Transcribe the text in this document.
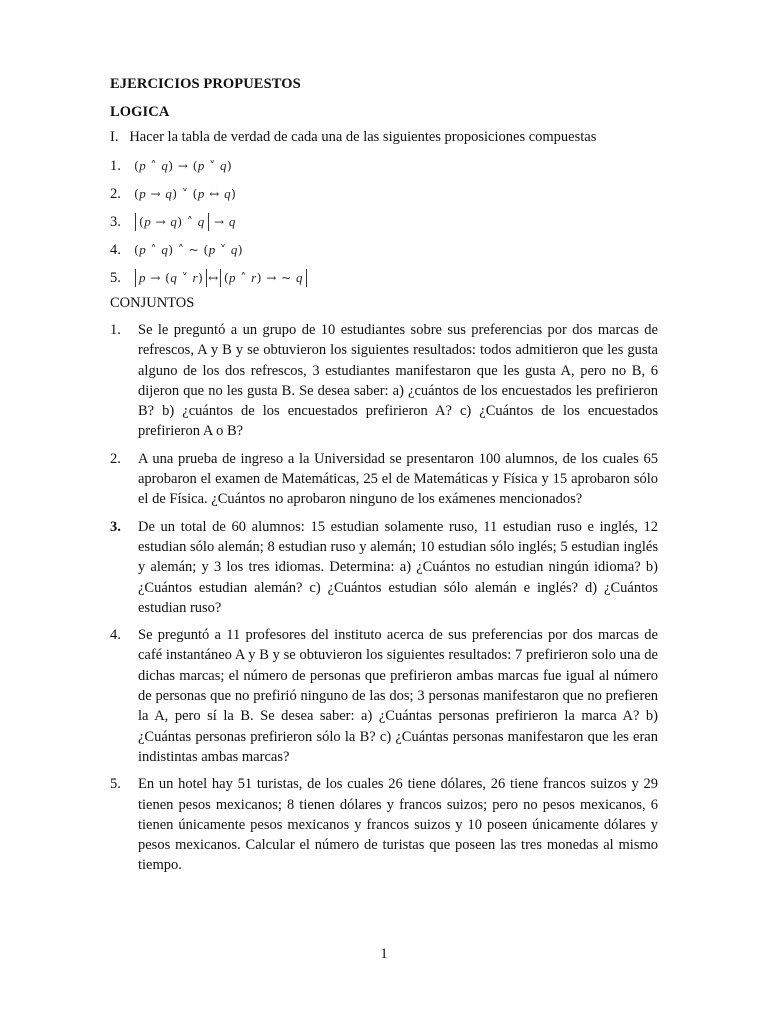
EJERCICIOS PROPUESTOS
LOGICA
I.   Hacer la tabla de verdad de cada una de las siguientes proposiciones compuestas
1.	(p ˄ q) → (p ˅ q)
2.	(p → q) ˅ (p ↔ q)
3.	(p → q) ˄ q → q
4.	(p ˄ q) ˄ ~ (p ˅ q)
5.	p → (q ˅ r) ↔ (p ˄ r) → ~ q
CONJUNTOS
1. Se le preguntó a un grupo de 10 estudiantes sobre sus preferencias por dos marcas de refrescos, A y B y se obtuvieron los siguientes resultados: todos admitieron que les gusta alguno de los dos refrescos, 3 estudiantes manifestaron que les gusta A, pero no B, 6 dijeron que no les gusta B. Se desea saber: a) ¿cuántos de los encuestados les prefirieron B? b) ¿cuántos de los encuestados prefirieron A? c) ¿Cuántos de los encuestados prefirieron A o B?
2. A una prueba de ingreso a la Universidad se presentaron 100 alumnos, de los cuales 65 aprobaron el examen de Matemáticas, 25 el de Matemáticas y Física y 15 aprobaron sólo el de Física. ¿Cuántos no aprobaron ninguno de los exámenes mencionados?
3. De un total de 60 alumnos: 15 estudian solamente ruso, 11 estudian ruso e inglés, 12 estudian sólo alemán; 8 estudian ruso y alemán; 10 estudian sólo inglés; 5 estudian inglés y alemán; y 3 los tres idiomas. Determina: a) ¿Cuántos no estudian ningún idioma? b) ¿Cuántos estudian alemán? c) ¿Cuántos estudian sólo alemán e inglés? d) ¿Cuántos estudian ruso?
4. Se preguntó a 11 profesores del instituto acerca de sus preferencias por dos marcas de café instantáneo A y B y se obtuvieron los siguientes resultados: 7 prefirieron solo una de dichas marcas; el número de personas que prefirieron ambas marcas fue igual al número de personas que no prefirió ninguno de las dos; 3 personas manifestaron que no prefieren la A, pero sí la B. Se desea saber: a) ¿Cuántas personas prefirieron la marca A? b) ¿Cuántas personas prefirieron sólo la B? c) ¿Cuántas personas manifestaron que les eran indistintas ambas marcas?
5. En un hotel hay 51 turistas, de los cuales 26 tiene dólares, 26 tiene francos suizos y 29 tienen pesos mexicanos; 8 tienen dólares y francos suizos; pero no pesos mexicanos, 6 tienen únicamente pesos mexicanos y francos suizos y 10 poseen únicamente dólares y pesos mexicanos. Calcular el número de turistas que poseen las tres monedas al mismo tiempo.
1
